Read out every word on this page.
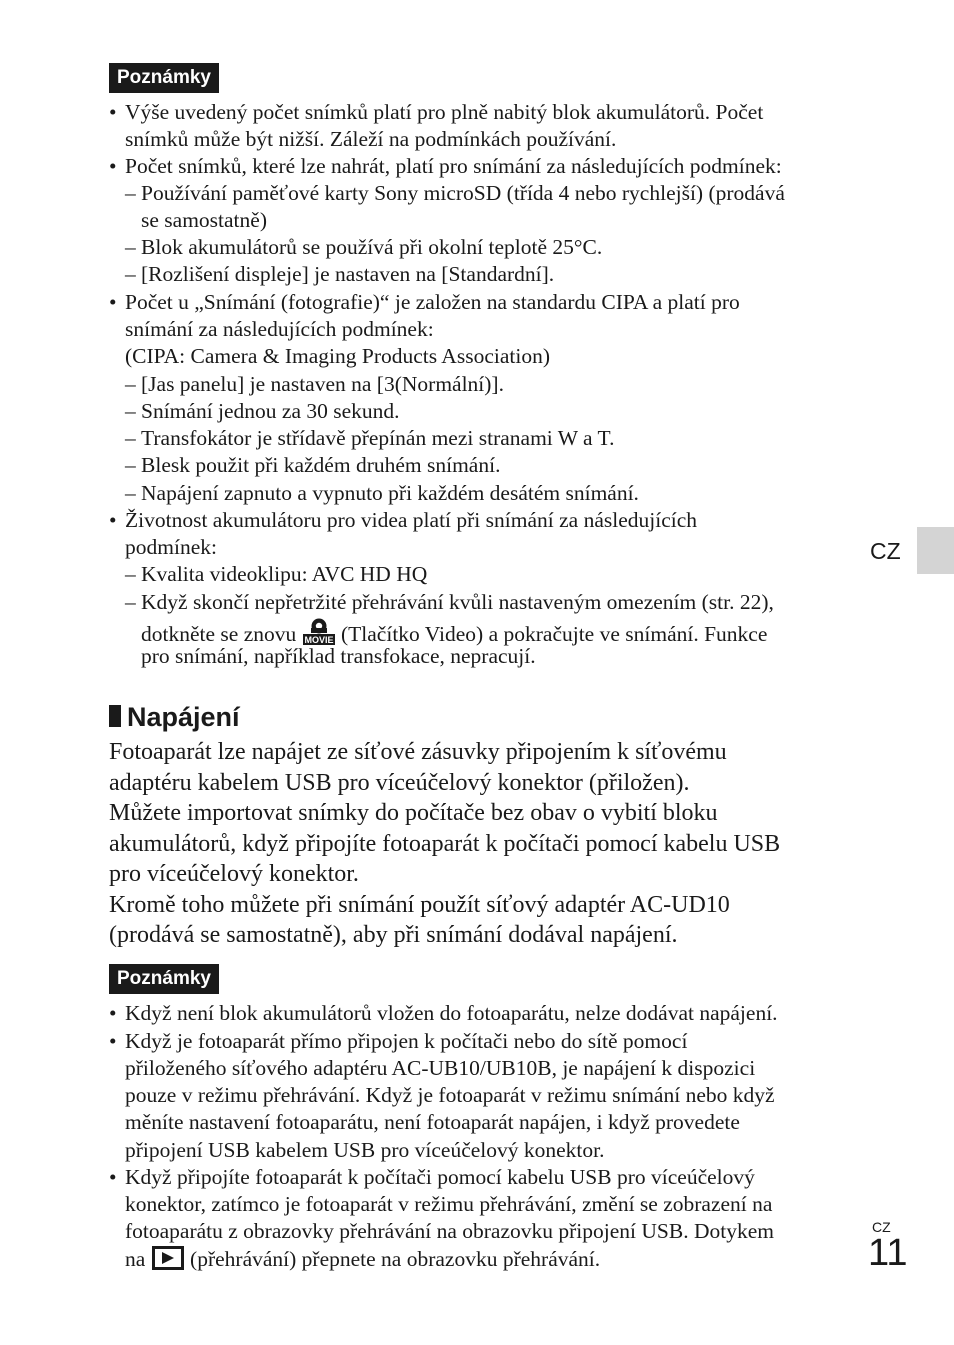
Poznámky
• Výše uvedený počet snímků platí pro plně nabitý blok akumulátorů. Počet
snímků může být nižší. Záleží na podmínkách používání.
• Počet snímků, které lze nahrát, platí pro snímání za následujících podmínek:
– Používání paměťové karty Sony microSD (třída 4 nebo rychlejší) (prodává
se samostatně)
– Blok akumulátorů se používá při okolní teplotě 25°C.
– [Rozlišení displeje] je nastaven na [Standardní].
• Počet u „Snímání (fotografie)“ je založen na standardu CIPA a platí pro
snímání za následujících podmínek:
(CIPA: Camera & Imaging Products Association)
– [Jas panelu] je nastaven na [3(Normální)].
– Snímání jednou za 30 sekund.
– Transfokátor je střídavě přepínán mezi stranami W a T.
– Blesk použit při každém druhém snímání.
– Napájení zapnuto a vypnuto při každém desátém snímání.
• Životnost akumulátoru pro videa platí při snímání za následujících
podmínek:
– Kvalita videoklipu: AVC HD HQ
– Když skončí nepřetržité přehrávání kvůli nastaveným omezením (str. 22),
dotkněte se znovu MOVIE (Tlačítko Video) a pokračujte ve snímání. Funkce
pro snímání, například transfokace, nepracují.
CZ
Napájení
Fotoaparát lze napájet ze síťové zásuvky připojením k síťovému
adaptéru kabelem USB pro víceúčelový konektor (přiložen).
Můžete importovat snímky do počítače bez obav o vybití bloku
akumulátorů, když připojíte fotoaparát k počítači pomocí kabelu USB
pro víceúčelový konektor.
Kromě toho můžete při snímání použít síťový adaptér AC-UD10
(prodává se samostatně), aby při snímání dodával napájení.
Poznámky
• Když není blok akumulátorů vložen do fotoaparátu, nelze dodávat napájení.
• Když je fotoaparát přímo připojen k počítači nebo do sítě pomocí
přiloženého síťového adaptéru AC-UB10/UB10B, je napájení k dispozici
pouze v režimu přehrávání. Když je fotoaparát v režimu snímání nebo když
měníte nastavení fotoaparátu, není fotoaparát napájen, i když provedete
připojení USB kabelem USB pro víceúčelový konektor.
• Když připojíte fotoaparát k počítači pomocí kabelu USB pro víceúčelový
konektor, zatímco je fotoaparát v režimu přehrávání, změní se zobrazení na
fotoaparátu z obrazovky přehrávání na obrazovku připojení USB. Dotykem
na (přehrávání) přepnete na obrazovku přehrávání.
CZ
11
